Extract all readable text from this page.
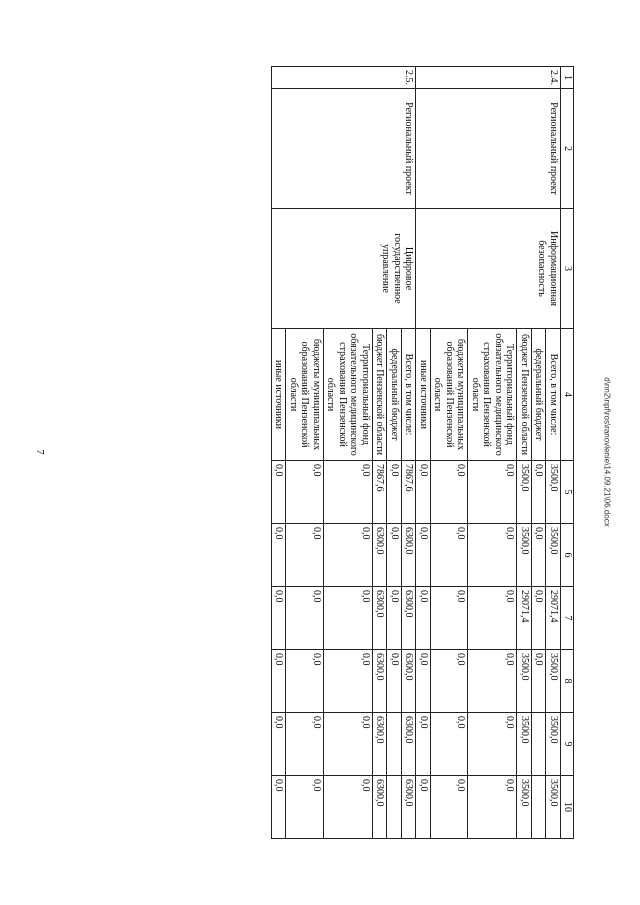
7
1	2	3	4	5	6	7	8	9	10
2.4.	Региональный проект	Информационная безопасность	Всего, в том числе:	3500,0	3500,0	29071,4	3500,0	3500,0	3500,0
			федеральный бюджет	0,0	0,0	0,0	0,0		
			бюджет Пензенской области	3500,0	3500,0	29071,4	3500,0	3500,0	3500,0
			Территориальный фонд обязательного медицинского страхования Пензенской области	0,0	0,0	0,0	0,0	0,0	0,0
			бюджеты муниципальных образований Пензенской области	0,0	0,0	0,0	0,0	0,0	0,0
			иные источники	0,0	0,0	0,0	0,0	0,0	0,0
2.5.	Региональный проект	Цифровое государственное управление	Всего, в том числе:	7867,6	6300,0	6300,0	6300,0	6300,0	6300,0
			федеральный бюджет	0,0	0,0	0,0	0,0		
			бюджет Пензенской области	7867,6	6300,0	6300,0	6300,0	6300,0	6300,0
			Территориальный фонд обязательного медицинского страхования Пензенской области	0,0	0,0	0,0	0,0	0,0	0,0
			бюджеты муниципальных образований Пензенской области	0,0	0,0	0,0	0,0	0,0	0,0
			иные источники	0,0	0,0	0,0	0,0	0,0	0,0
d\nn2\npf\ros\ranovlenie\14.09.21\06.docx
